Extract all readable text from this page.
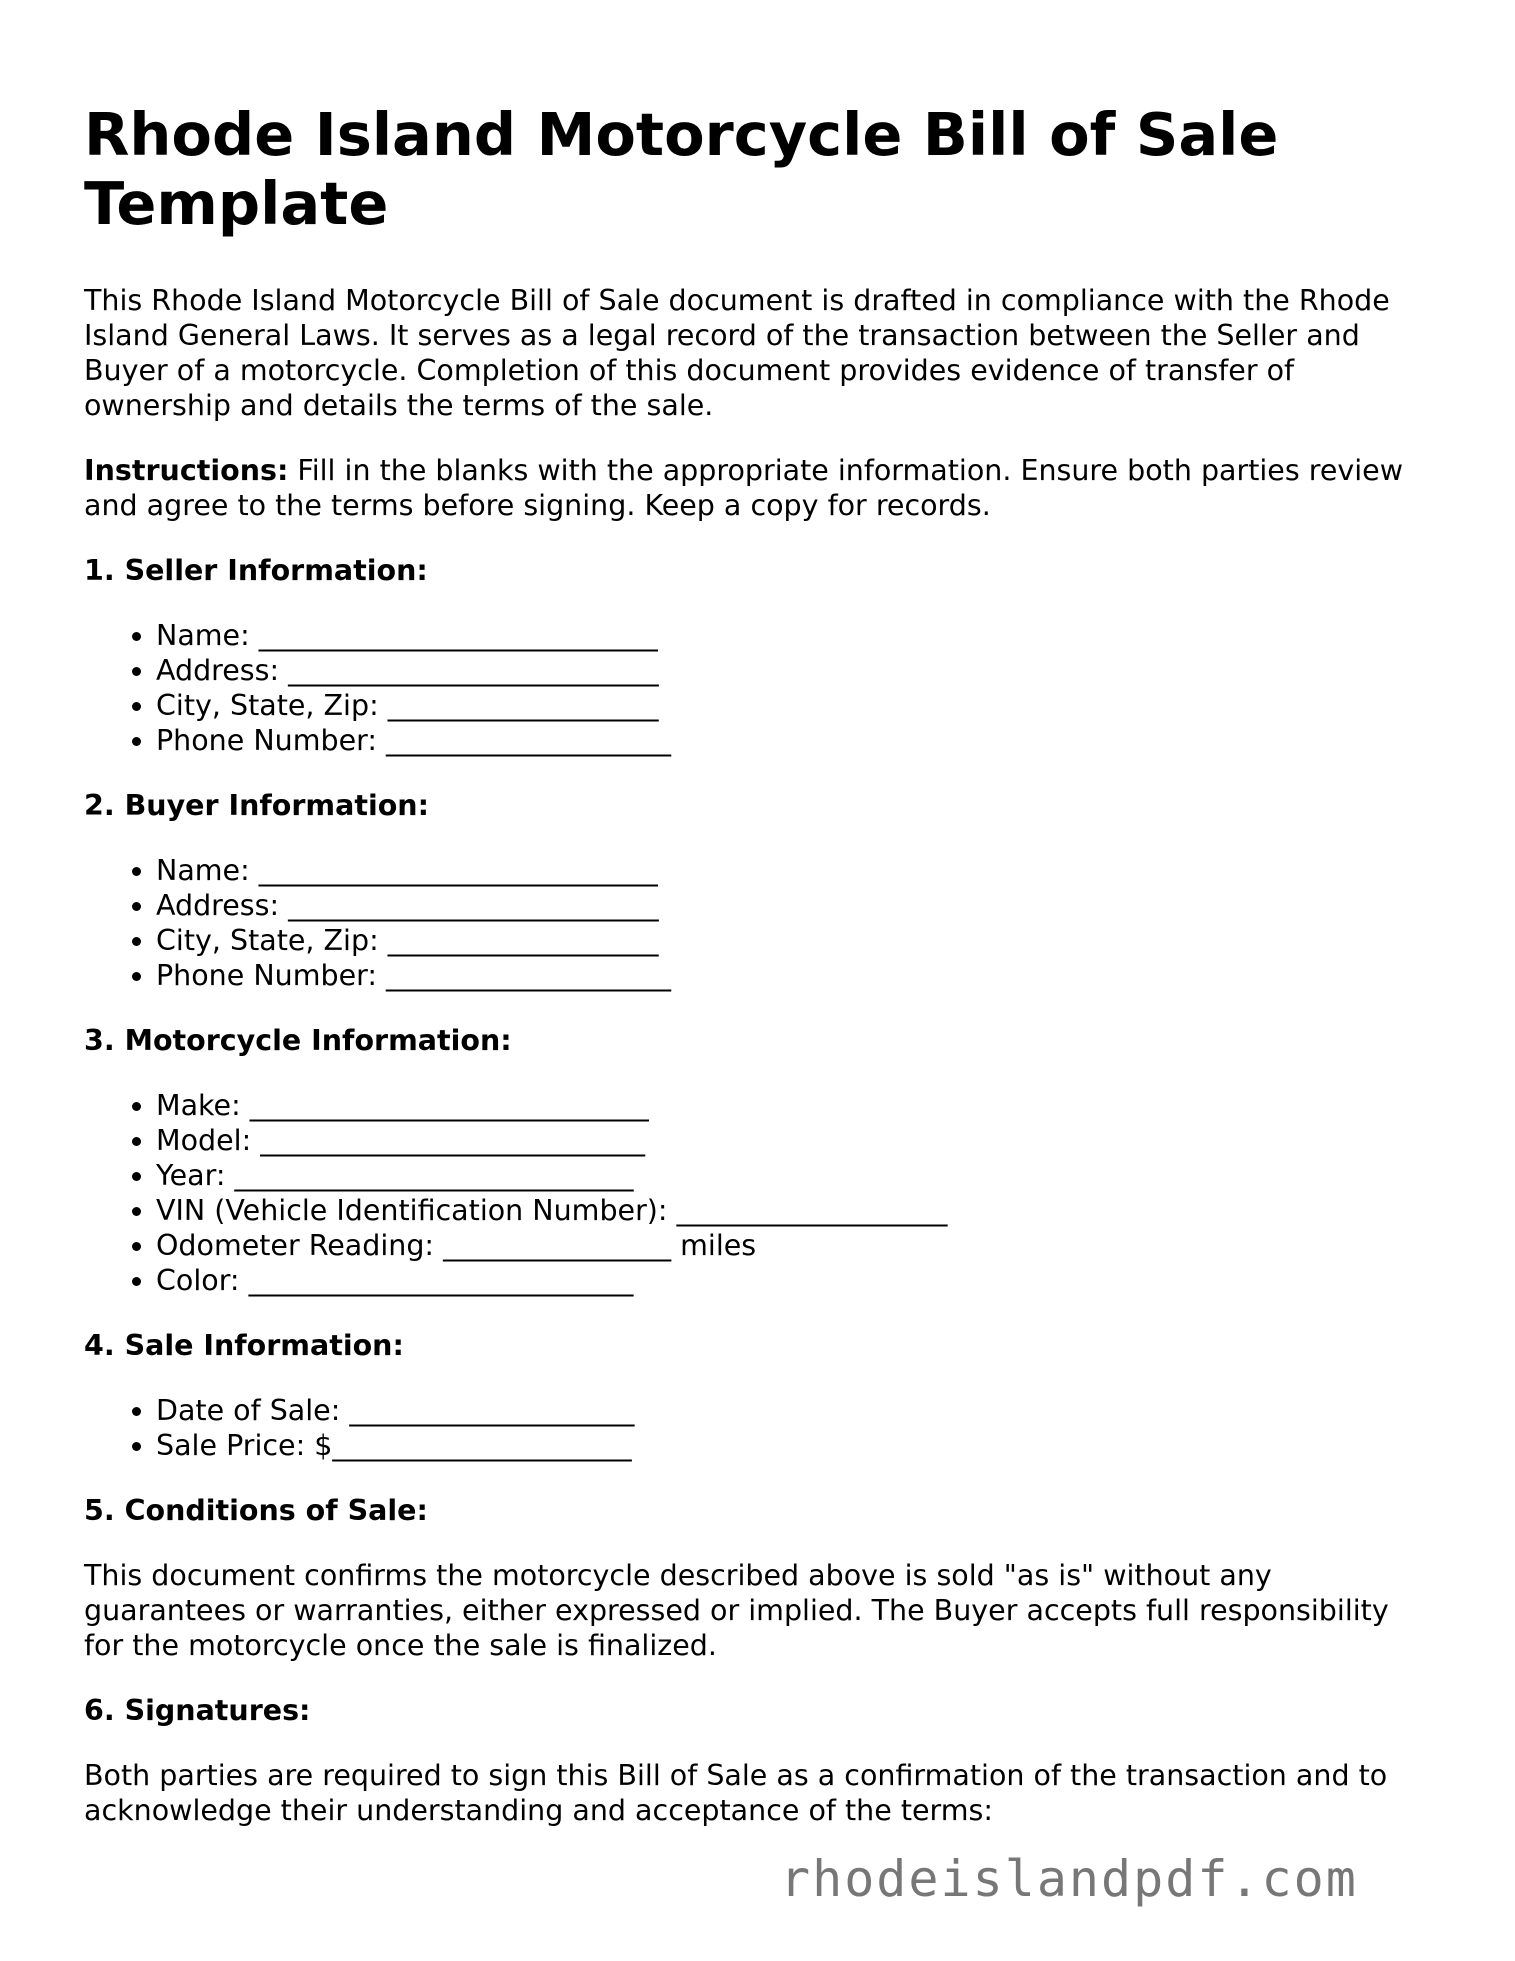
Rhode Island Motorcycle Bill of Sale Template

This Rhode Island Motorcycle Bill of Sale document is drafted in compliance with the Rhode Island General Laws. It serves as a legal record of the transaction between the Seller and Buyer of a motorcycle. Completion of this document provides evidence of transfer of ownership and details the terms of the sale.

Instructions: Fill in the blanks with the appropriate information. Ensure both parties review and agree to the terms before signing. Keep a copy for records.

1. Seller Information:
• Name: ____________________________
• Address: __________________________
• City, State, Zip: ___________________
• Phone Number: ____________________
2. Buyer Information:
• Name: ____________________________
• Address: __________________________
• City, State, Zip: ___________________
• Phone Number: ____________________
3. Motorcycle Information:
• Make: ____________________________
• Model: ___________________________
• Year: ____________________________
• VIN (Vehicle Identification Number): ___________________
• Odometer Reading: ________________ miles
• Color: ___________________________
4. Sale Information:
• Date of Sale: ____________________
• Sale Price: $_____________________
5. Conditions of Sale:

This document confirms the motorcycle described above is sold "as is" without any guarantees or warranties, either expressed or implied. The Buyer accepts full responsibility for the motorcycle once the sale is finalized.

6. Signatures:

Both parties are required to sign this Bill of Sale as a confirmation of the transaction and to acknowledge their understanding and acceptance of the terms:

rhodeislandpdf.com
